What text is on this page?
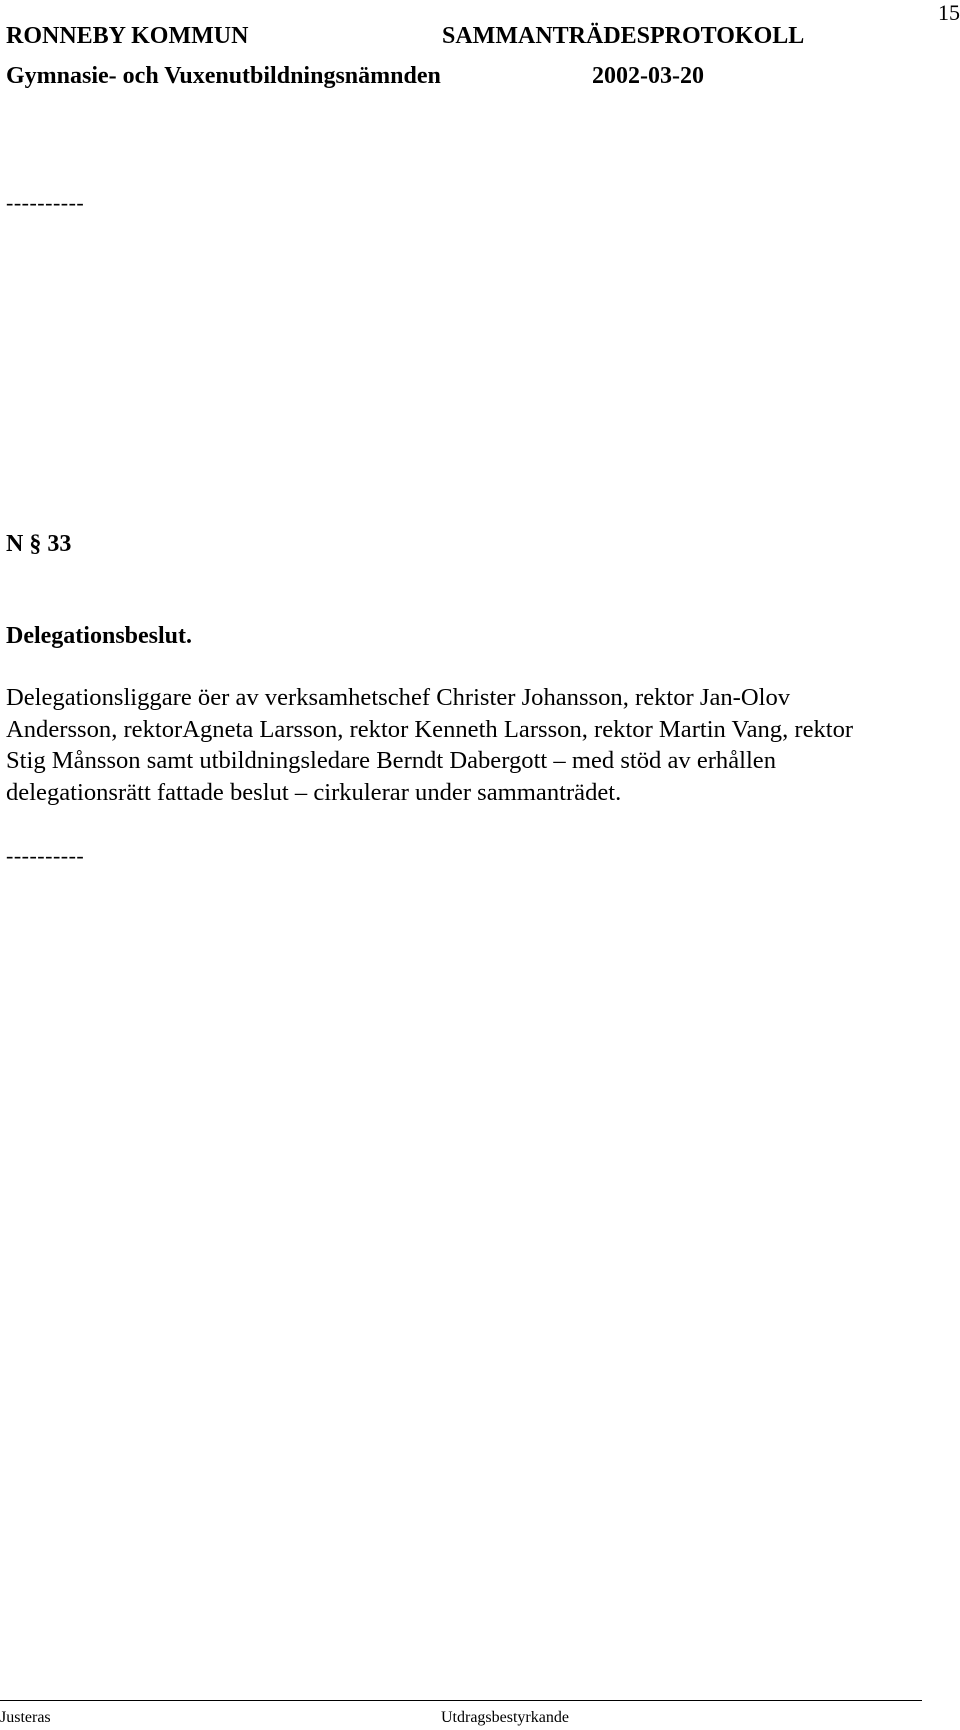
15
RONNEBY KOMMUN	SAMMANTRÄDESPROTOKOLL
Gymnasie- och Vuxenutbildningsnämnden	2002-03-20
----------
N § 33
Delegationsbeslut.

Delegationsliggare öer av verksamhetschef Christer Johansson, rektor Jan-Olov
Andersson, rektorAgneta Larsson, rektor Kenneth Larsson, rektor Martin Vang, rektor
Stig Månsson samt utbildningsledare Berndt Dabergott – med stöd av erhållen
delegationsrätt fattade beslut – cirkulerar under sammanträdet.

----------
Justeras	Utdragsbestyrkande
